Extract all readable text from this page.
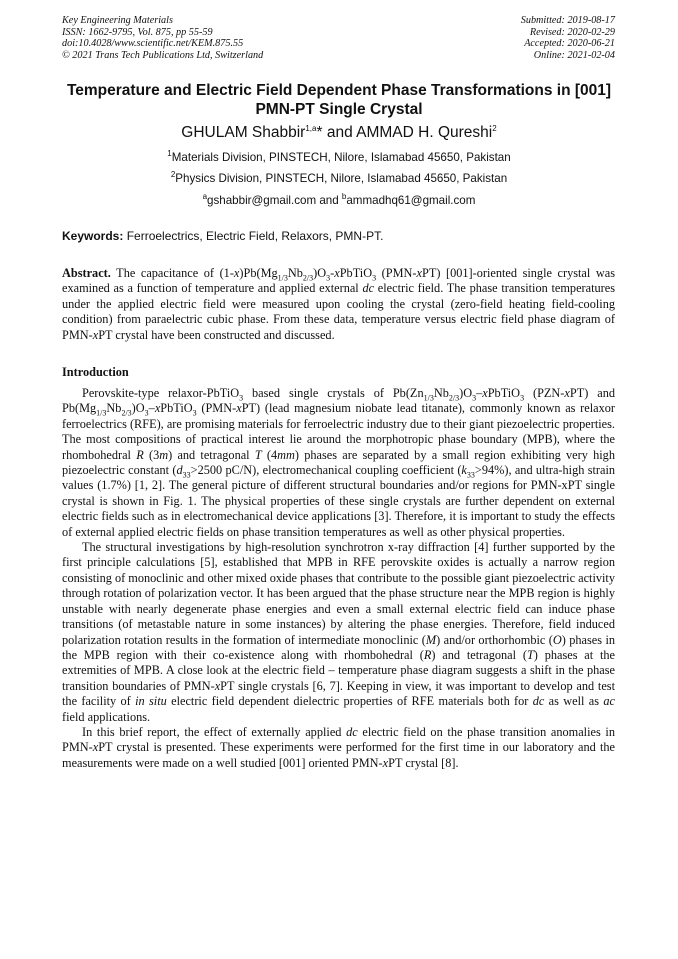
Key Engineering Materials
ISSN: 1662-9795, Vol. 875, pp 55-59
doi:10.4028/www.scientific.net/KEM.875.55
© 2021 Trans Tech Publications Ltd, Switzerland
Submitted: 2019-08-17
Revised: 2020-02-29
Accepted: 2020-06-21
Online: 2021-02-04
Temperature and Electric Field Dependent Phase Transformations in [001] PMN-PT Single Crystal
GHULAM Shabbir$^{1,a}$* and AMMAD H. Qureshi$^2$
$^1$Materials Division, PINSTECH, Nilore, Islamabad 45650, Pakistan
$^2$Physics Division, PINSTECH, Nilore, Islamabad 45650, Pakistan
$^a$gshabbir@gmail.com and $^b$ammadhq61@gmail.com
Keywords: Ferroelectrics, Electric Field, Relaxors, PMN-PT.
Abstract. The capacitance of $(1-x)Pb(Mg_{1/3}Nb_{2/3})O_3-xPbTiO_3$ (PMN-xPT) [001]-oriented single crystal was examined as a function of temperature and applied external dc electric field. The phase transition temperatures under the applied electric field were measured upon cooling the crystal (zero-field heating field-cooling condition) from paraelectric cubic phase. From these data, temperature versus electric field phase diagram of PMN-xPT crystal have been constructed and discussed.
Introduction

Perovskite-type relaxor-PbTiO$_3$ based single crystals of $Pb(Zn_{1/3}Nb_{2/3})O_3-xPbTiO_3$ (PZN-xPT) and $Pb(Mg_{1/3}Nb_{2/3})O_3-xPbTiO_3$ (PMN-xPT) (lead magnesium niobate lead titanate), commonly known as relaxor ferroelectrics (RFE), are promising materials for ferroelectric industry due to their giant piezoelectric properties. The most compositions of practical interest lie around the morphotropic phase boundary (MPB), where the rhombohedral R (3m) and tetragonal T (4mm) phases are separated by a small region exhibiting very high piezoelectric constant ($d_{33}>2500$ pC/N), electromechanical coupling coefficient $(k_{33}>94\%)$, and ultra-high strain values (1.7%) [1, 2]. The general picture of different structural boundaries and/or regions for PMN-xPT single crystal is shown in Fig. 1. The physical properties of these single crystals are further dependent on external electric fields such as in electromechanical device applications [3]. Therefore, it is important to study the effects of external applied electric fields on phase transition temperatures as well as other physical properties.

The structural investigations by high-resolution synchrotron x-ray diffraction [4] further supported by the first principle calculations [5], established that MPB in RFE perovskite oxides is actually a narrow region consisting of monoclinic and other mixed oxide phases that contribute to the possible giant piezoelectric activity through rotation of polarization vector. It has been argued that the phase structure near the MPB region is highly unstable with nearly degenerate phase energies and even a small external electric field can induce phase transitions (of metastable nature in some instances) by altering the phase energies. Therefore, field induced polarization rotation results in the formation of intermediate monoclinic (M) and/or orthorhombic (O) phases in the MPB region with their co-existence along with rhombohedral (R) and tetragonal (T) phases at the extremities of MPB. A close look at the electric field – temperature phase diagram suggests a shift in the phase transition boundaries of PMN-xPT single crystals [6, 7]. Keeping in view, it was important to develop and test the facility of in situ electric field dependent dielectric properties of RFE materials both for dc as well as ac field applications.

In this brief report, the effect of externally applied dc electric field on the phase transition anomalies in PMN-xPT crystal is presented. These experiments were performed for the first time in our laboratory and the measurements were made on a well studied [001] oriented PMN-xPT crystal [8].
